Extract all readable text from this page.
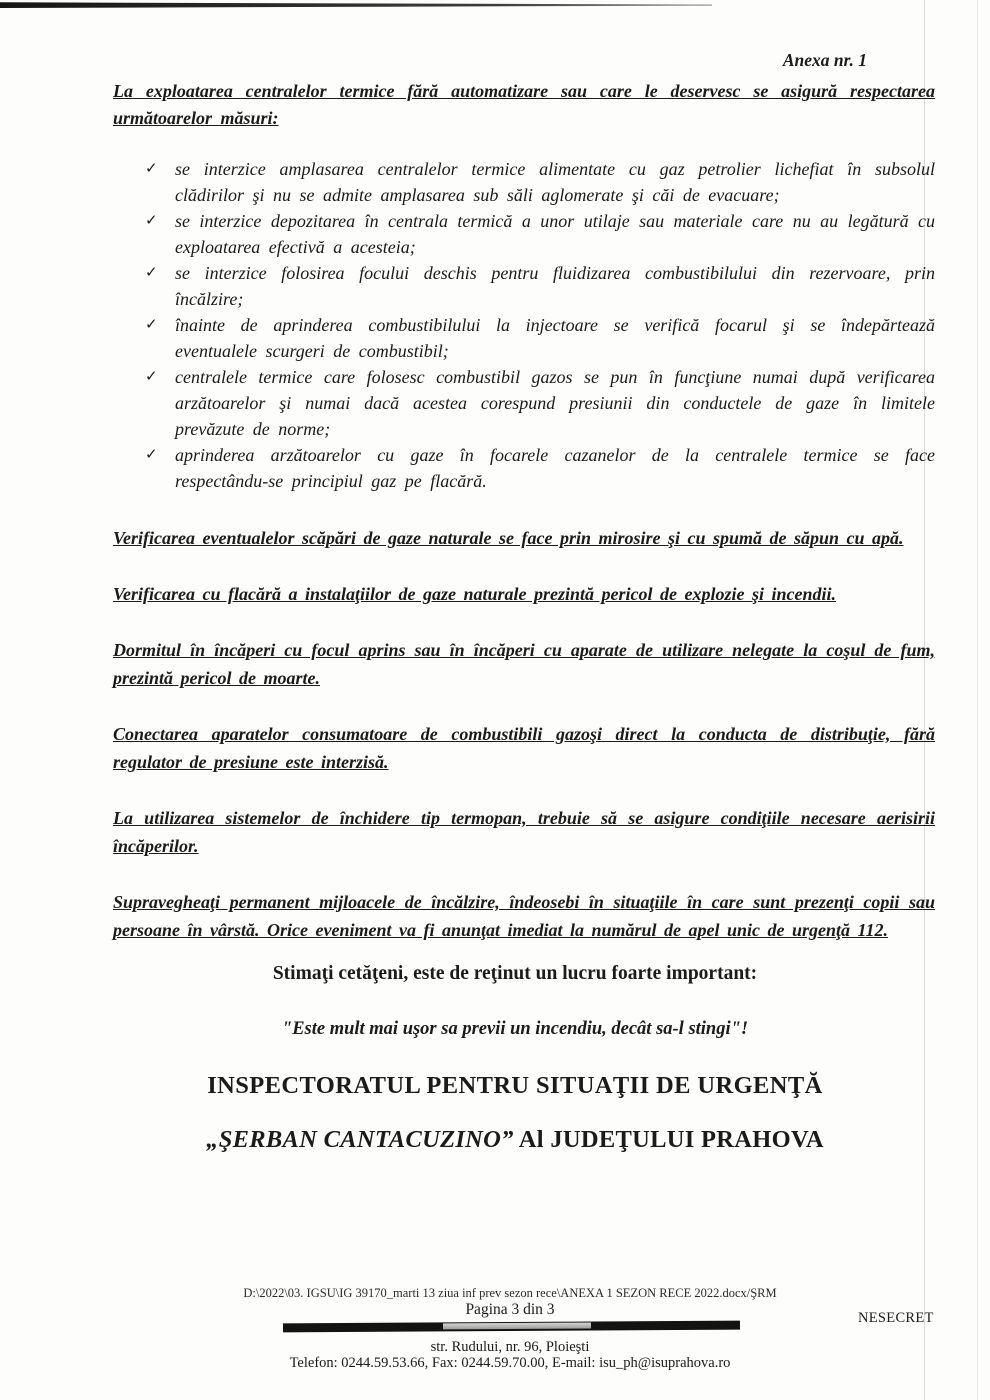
Anexa nr. 1
La exploatarea centralelor termice fără automatizare sau care le deservesc se asigură respectarea următoarelor măsuri:
✓ se interzice amplasarea centralelor termice alimentate cu gaz petrolier lichefiat în subsolul clădirilor şi nu se admite amplasarea sub săli aglomerate şi căi de evacuare;
✓ se interzice depozitarea în centrala termică a unor utilaje sau materiale care nu au legătură cu exploatarea efectivă a acesteia;
✓ se interzice folosirea focului deschis pentru fluidizarea combustibilului din rezervoare, prin încălzire;
✓ înainte de aprinderea combustibilului la injectoare se verifică focarul şi se îndepărtează eventualele scurgeri de combustibil;
✓ centralele termice care folosesc combustibil gazos se pun în funcţiune numai după verificarea arzătoarelor şi numai dacă acestea corespund presiunii din conductele de gaze în limitele prevăzute de norme;
✓ aprinderea arzătoarelor cu gaze în focarele cazanelor de la centralele termice se face respectându-se principiul gaz pe flacără.
Verificarea eventualelor scăpări de gaze naturale se face prin mirosire şi cu spumă de săpun cu apă.
Verificarea cu flacără a instalaţiilor de gaze naturale prezintă pericol de explozie şi incendii.
Dormitul în încăperi cu focul aprins sau în încăperi cu aparate de utilizare nelegate la coşul de fum, prezintă pericol de moarte.
Conectarea aparatelor consumatoare de combustibili gazoşi direct la conducta de distribuţie, fără regulator de presiune este interzisă.
La utilizarea sistemelor de închidere tip termopan, trebuie să se asigure condiţiile necesare aerisirii încăperilor.
Supravegheaţi permanent mijloacele de încălzire, îndeosebi în situaţiile în care sunt prezenţi copii sau persoane în vârstă. Orice eveniment va fi anunţat imediat la numărul de apel unic de urgenţă 112.
Stimaţi cetăţeni, este de reţinut un lucru foarte important:
"Este mult mai uşor sa previi un incendiu, decât sa-l stingi"!
INSPECTORATUL PENTRU SITUAŢII DE URGENŢĂ
„ŞERBAN CANTACUZINO” Al JUDEŢULUI PRAHOVA
D:\2022\03. IGSU\IG 39170_marti 13 ziua inf prev sezon rece\ANEXA 1 SEZON RECE 2022.docx/ŞRM
Pagina 3 din 3	NESECRET
str. Rudului, nr. 96, Ploieşti
Telefon: 0244.59.53.66, Fax: 0244.59.70.00, E-mail: isu_ph@isuprahova.ro
